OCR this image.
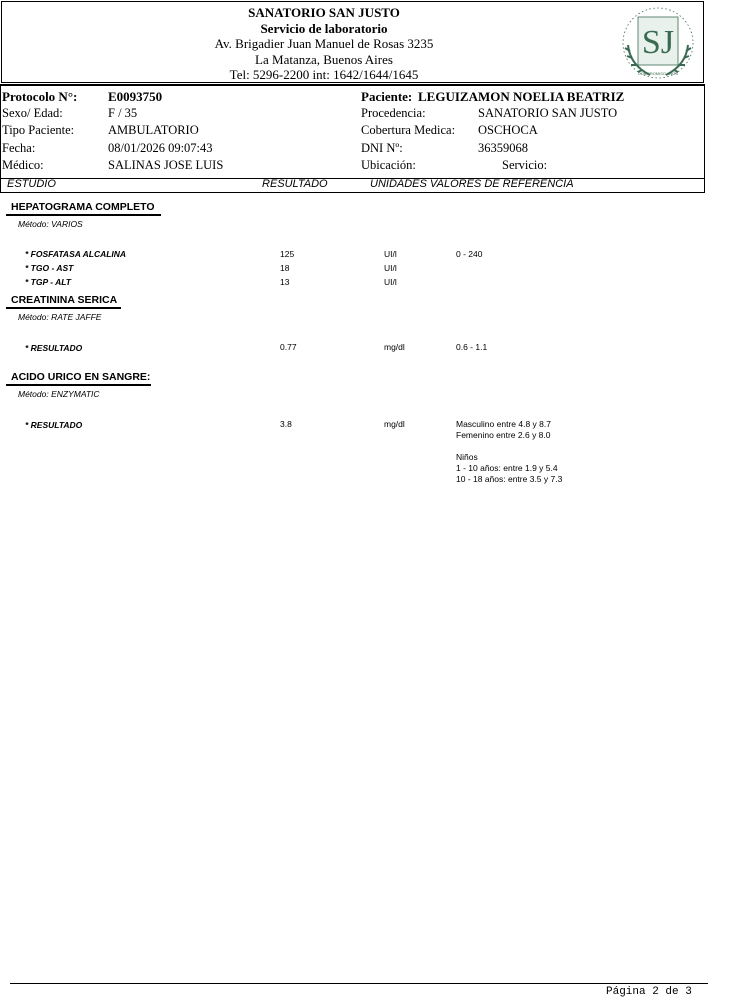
SANATORIO SAN JUSTO
Servicio de laboratorio
Av. Brigadier Juan Manuel de Rosas 3235
La Matanza, Buenos Aires
Tel: 5296-2200 int: 1642/1644/1645
SJ
COMPROMISO AÑOS
Protocolo N°: E0093750
Sexo/ Edad:	F / 35
Tipo Paciente:	AMBULATORIO
Fecha:	08/01/2026 09:07:43
Médico:	SALINAS JOSE LUIS
Paciente: LEGUIZAMON NOELIA BEATRIZ
Procedencia:	SANATORIO SAN JUSTO
Cobertura Medica: OSCHOCA
DNI Nº:	36359068
Ubicación:	Servicio:
ESTUDIO	RESULTADO	UNIDADES VALORES DE REFERENCIA
HEPATOGRAMA COMPLETO
Método: VARIOS
* FOSFATASA ALCALINA	125	UI/l	0 - 240
* TGO - AST	18	UI/l
* TGP - ALT	13	UI/l
CREATININA SERICA
Método: RATE JAFFE
* RESULTADO	0.77	mg/dl	0.6 - 1.1
ACIDO URICO EN SANGRE:
Método: ENZYMATIC
* RESULTADO	3.8	mg/dl	Masculino entre 4.8 y 8.7
Femenino entre 2.6 y 8.0
Niños
1 - 10 años: entre 1.9 y 5.4
10 - 18 años: entre 3.5 y 7.3
Página 2 de 3
